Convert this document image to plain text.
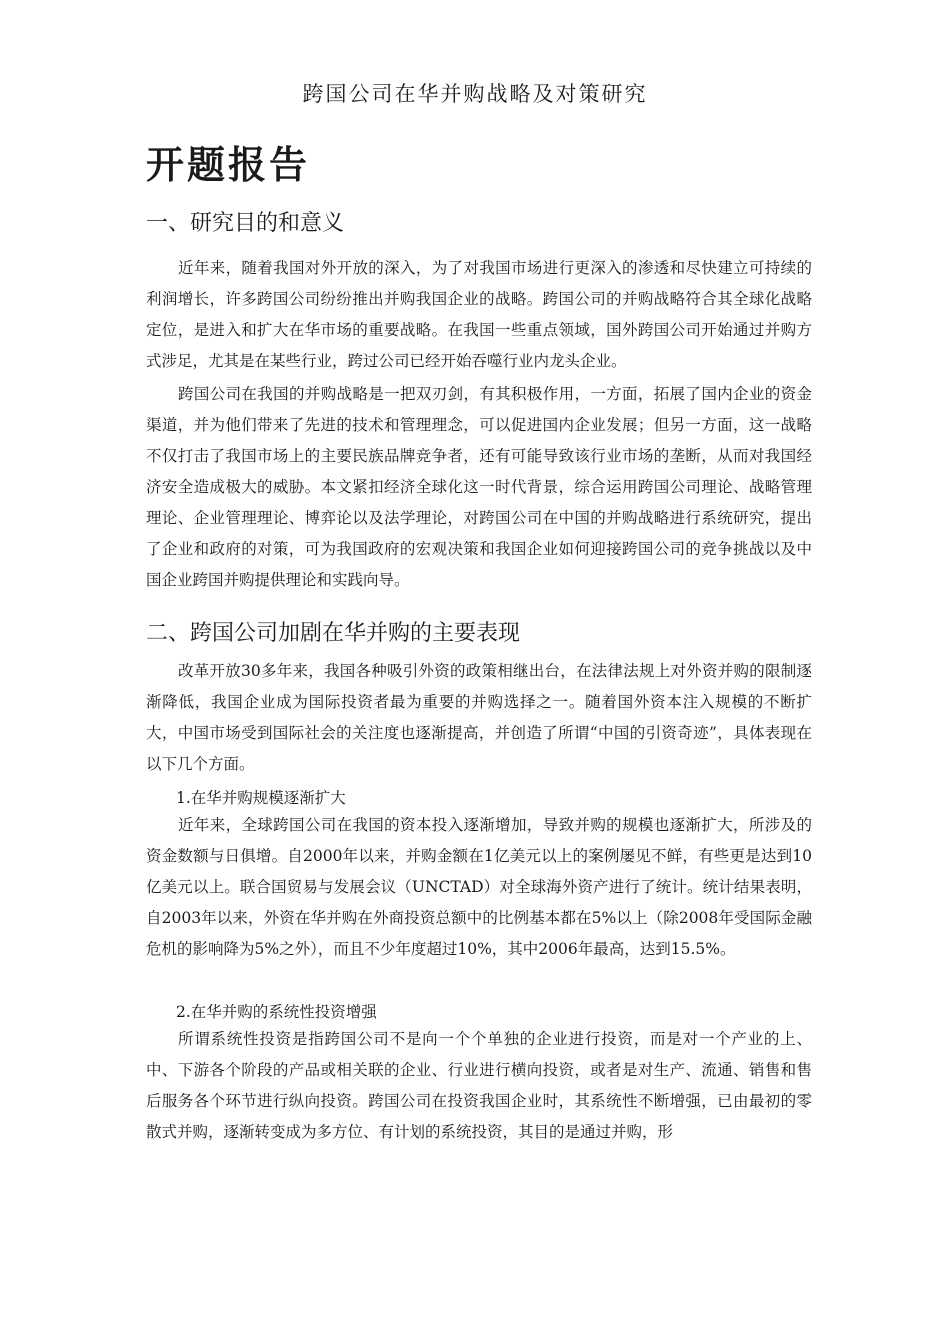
跨国公司在华并购战略及对策研究
开题报告
一、研究目的和意义
近年来，随着我国对外开放的深入，为了对我国市场进行更深入的渗透和尽快建立可持续的利润增长，许多跨国公司纷纷推出并购我国企业的战略。跨国公司的并购战略符合其全球化战略定位，是进入和扩大在华市场的重要战略。在我国一些重点领域，国外跨国公司开始通过并购方式涉足，尤其是在某些行业，跨过公司已经开始吞噬行业内龙头企业。
跨国公司在我国的并购战略是一把双刃剑，有其积极作用，一方面，拓展了国内企业的资金渠道，并为他们带来了先进的技术和管理理念，可以促进国内企业发展；但另一方面，这一战略不仅打击了我国市场上的主要民族品牌竞争者，还有可能导致该行业市场的垄断，从而对我国经济安全造成极大的威胁。本文紧扣经济全球化这一时代背景，综合运用跨国公司理论、战略管理理论、企业管理理论、博弈论以及法学理论，对跨国公司在中国的并购战略进行系统研究，提出了企业和政府的对策，可为我国政府的宏观决策和我国企业如何迎接跨国公司的竞争挑战以及中国企业跨国并购提供理论和实践向导。
二、跨国公司加剧在华并购的主要表现
改革开放30多年来，我国各种吸引外资的政策相继出台，在法律法规上对外资并购的限制逐渐降低，我国企业成为国际投资者最为重要的并购选择之一。随着国外资本注入规模的不断扩大，中国市场受到国际社会的关注度也逐渐提高，并创造了所谓“中国的引资奇迹”，具体表现在以下几个方面。
1.在华并购规模逐渐扩大
近年来，全球跨国公司在我国的资本投入逐渐增加，导致并购的规模也逐渐扩大，所涉及的资金数额与日俱增。自2000年以来，并购金额在1亿美元以上的案例屡见不鲜，有些更是达到10亿美元以上。联合国贸易与发展会议（UNCTAD）对全球海外资产进行了统计。统计结果表明，自2003年以来，外资在华并购在外商投资总额中的比例基本都在5%以上（除2008年受国际金融危机的影响降为5%之外），而且不少年度超过10%，其中2006年最高，达到15.5%。
2.在华并购的系统性投资增强
所谓系统性投资是指跨国公司不是向一个个单独的企业进行投资，而是对一个产业的上、中、下游各个阶段的产品或相关联的企业、行业进行横向投资，或者是对生产、流通、销售和售后服务各个环节进行纵向投资。跨国公司在投资我国企业时，其系统性不断增强，已由最初的零散式并购，逐渐转变成为多方位、有计划的系统投资，其目的是通过并购，形
